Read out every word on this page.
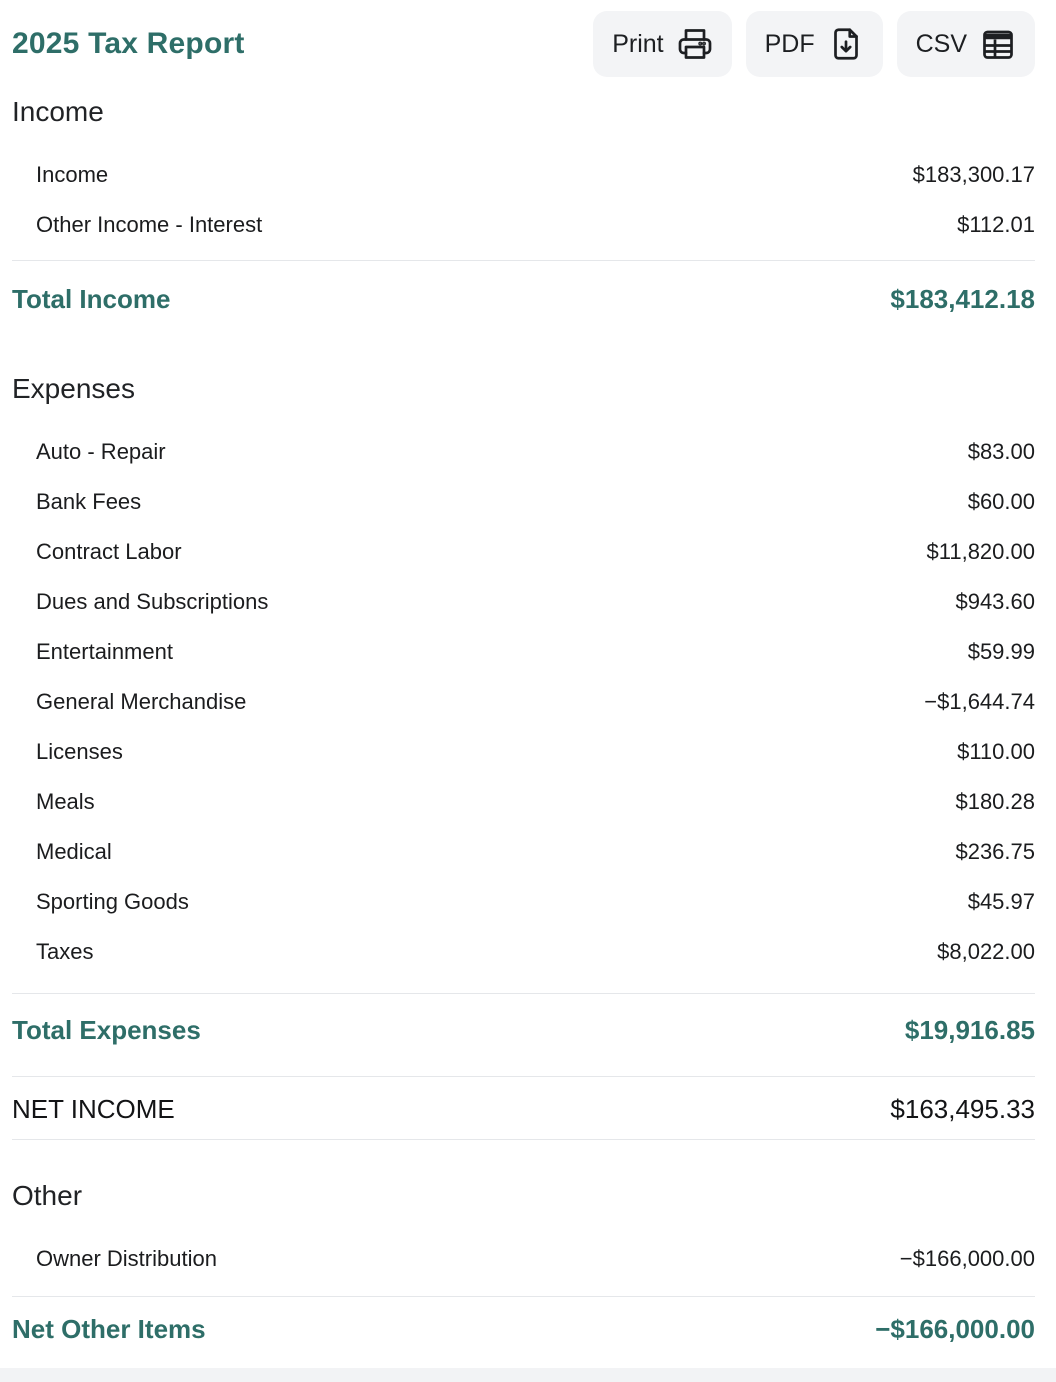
2025 Tax Report	Print	PDF	CSV
Income
Income	$183,300.17
Other Income - Interest	$112.01
Total Income	$183,412.18
Expenses
Auto - Repair	$83.00
Bank Fees	$60.00
Contract Labor	$11,820.00
Dues and Subscriptions	$943.60
Entertainment	$59.99
General Merchandise	−$1,644.74
Licenses	$110.00
Meals	$180.28
Medical	$236.75
Sporting Goods	$45.97
Taxes	$8,022.00
Total Expenses	$19,916.85
NET INCOME	$163,495.33
Other
Owner Distribution	−$166,000.00
Net Other Items	−$166,000.00
